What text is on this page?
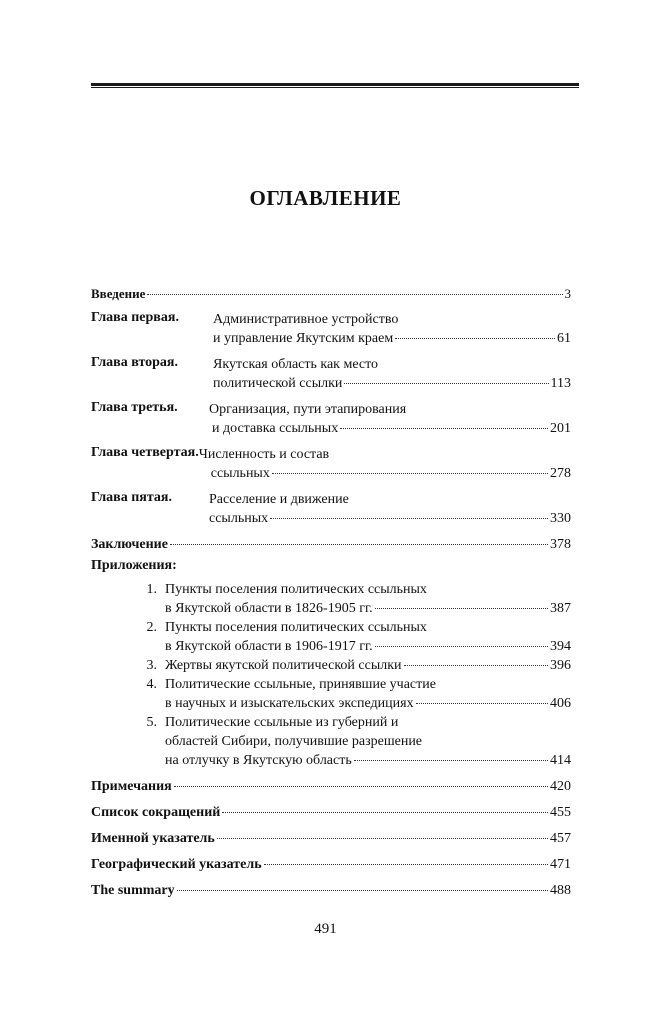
ОГЛАВЛЕНИЕ
Введение	3
Глава первая.	Административное устройство
и управление Якутским краем	61
Глава вторая.	Якутская область как место
политической ссылки	113
Глава третья.	Организация, пути этапирования
и доставка ссыльных	201
Глава четвертая. Численность и состав
ссыльных	278
Глава пятая.	Расселение и движение
ссыльных	330
Заключение	378
Приложения:
1. Пункты поселения политических ссыльных
в Якутской области в 1826-1905 гг.	387
2. Пункты поселения политических ссыльных
в Якутской области в 1906-1917 гг.	394
3. Жертвы якутской политической ссылки	396
4. Политические ссыльные, принявшие участие
в научных и изыскательских экспедициях	406
5. Политические ссыльные из губерний и
областей Сибири, получившие разрешение
на отлучку в Якутскую область	414
Примечания	420
Список сокращений	455
Именной указатель	457
Географический указатель	471
The summary	488
491
